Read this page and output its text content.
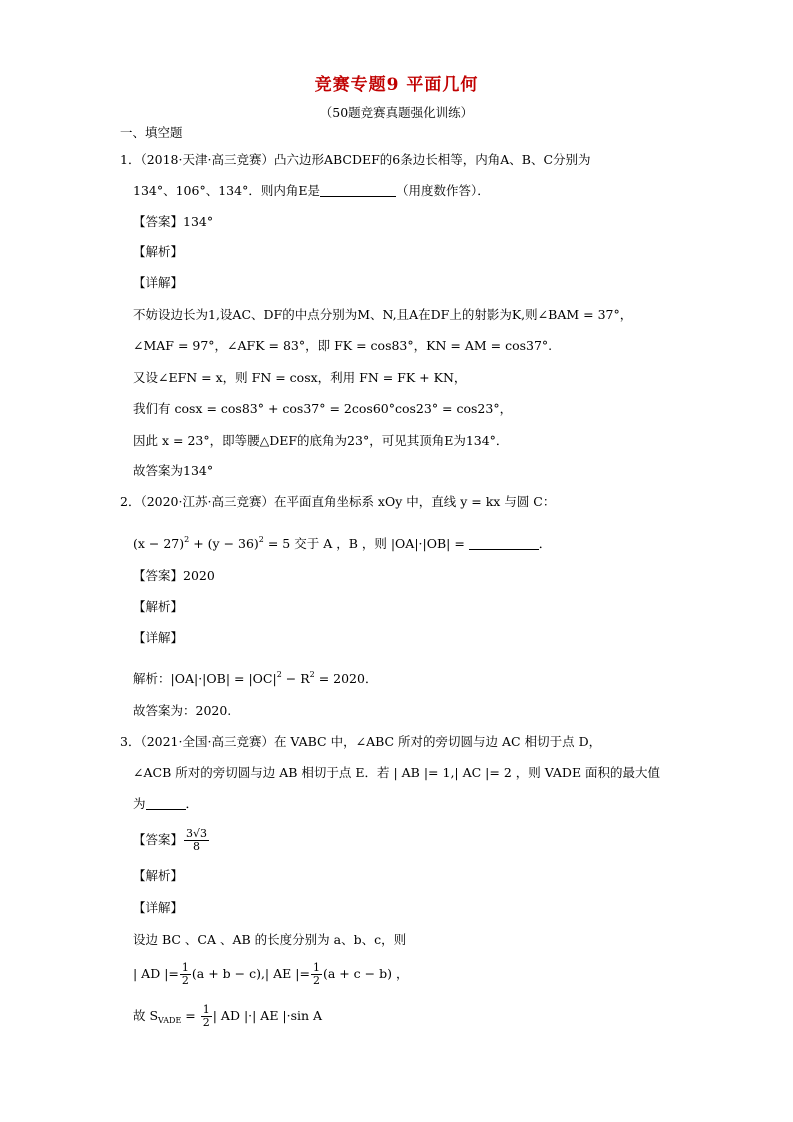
竞赛专题9 平面几何
（50题竞赛真题强化训练）
一、填空题
1．（2018·天津·高三竞赛）凸六边形ABCDEF的6条边长相等，内角A、B、C分别为
134°、106°、134°．则内角E是	（用度数作答）．
【答案】134°
【解析】
【详解】
不妨设边长为1,设AC、DF的中点分别为M、N,且A在DF上的射影为K,则∠BAM = 37°，
∠MAF = 97°，∠AFK = 83°，即 FK = cos83°，KN = AM = cos37°.
又设∠EFN = x，则 FN = cosx，利用 FN = FK + KN，
我们有 cosx = cos83° + cos37° = 2cos60°cos23° = cos23°，
因此 x = 23°，即等腰△DEF的底角为23°，可见其顶角E为134°．
故答案为134°
2．（2020·江苏·高三竞赛）在平面直角坐标系 xOy 中，直线 y = kx 与圆 C：
$(x - 27)^2 + (y - 36)^2 = 5$ 交于 A ，B ，则 |OA|·|OB| =	．
【答案】2020
【解析】
【详解】
解析：$|OA|\cdot|OB| = |OC|^2 - R^2 = 2020$．
故答案为：2020.
3．（2021·全国·高三竞赛）在 VABC 中，∠ABC 所对的旁切圆与边 AC 相切于点 D，
∠ACB 所对的旁切圆与边 AB 相切于点 E．若 | AB |= 1,| AC |= 2 ，则 VADE 面积的最大值
为	．
【答案】 $\frac{3√3}{8}$
【解析】
【详解】
设边 BC 、CA 、AB 的长度分别为 a、b、c，则
| AD |= $\frac{1}{2} (a + b - c),|$ AE |= $\frac{1}{2} (a + c - b)$ ，
故 $S_{VADE} = \frac{1}{2}$ | AD |·| AE |·sin A
